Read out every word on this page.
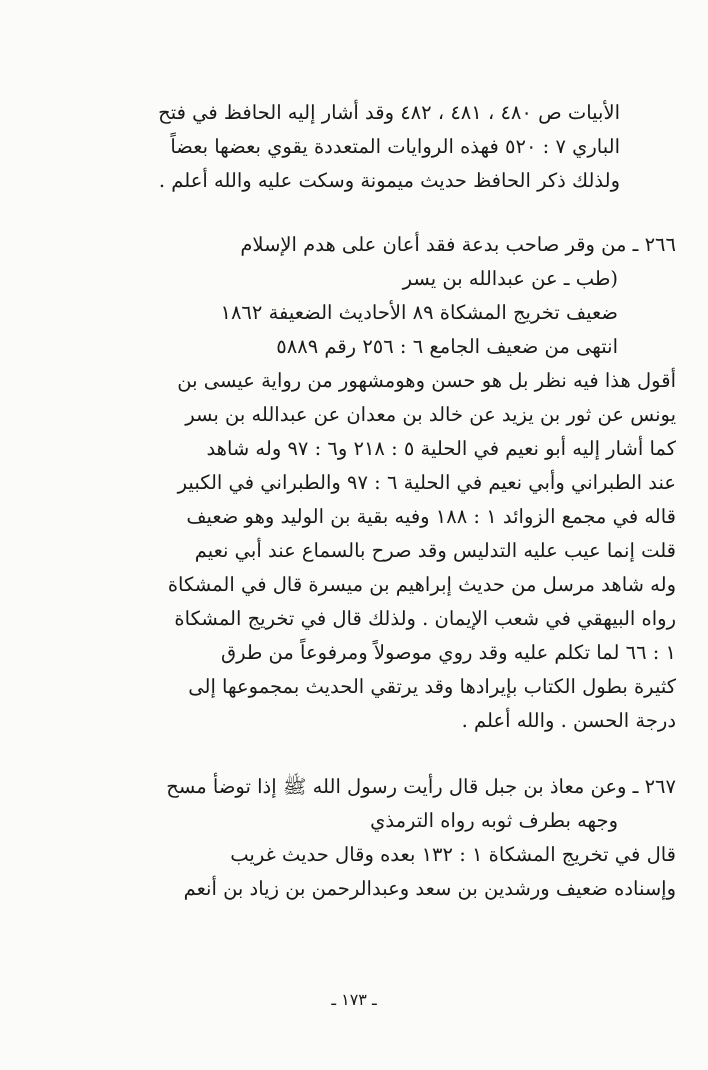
الأبيات ص ٤٨٠ ، ٤٨١ ، ٤٨٢ وقد أشار إليه الحافظ في فتح
الباري ٧ : ٥٢٠ فهذه الروايات المتعددة يقوي بعضها بعضاً
ولذلك ذكر الحافظ حديث ميمونة وسكت عليه والله أعلم .
٢٦٦ ـ من وقر صاحب بدعة فقد أعان على هدم الإسلام
(طب ـ عن عبدالله بن يسر
ضعيف تخريج المشكاة ٨٩ الأحاديث الضعيفة ١٨٦٢
انتهى من ضعيف الجامع ٦ : ٢٥٦ رقم ٥٨٨٩
أقول هذا فيه نظر بل هو حسن وهومشهور من رواية عيسى بن
يونس عن ثور بن يزيد عن خالد بن معدان عن عبدالله بن بسر
كما أشار إليه أبو نعيم في الحلية ٥ : ٢١٨ و٦ : ٩٧ وله شاهد
عند الطبراني وأبي نعيم في الحلية ٦ : ٩٧ والطبراني في الكبير
قاله في مجمع الزوائد ١ : ١٨٨ وفيه بقية بن الوليد وهو ضعيف
قلت إنما عيب عليه التدليس وقد صرح بالسماع عند أبي نعيم
وله شاهد مرسل من حديث إبراهيم بن ميسرة قال في المشكاة
رواه البيهقي في شعب الإيمان . ولذلك قال في تخريج المشكاة
١ : ٦٦ لما تكلم عليه وقد روي موصولاً ومرفوعاً من طرق
كثيرة بطول الكتاب بإيرادها وقد يرتقي الحديث بمجموعها إلى
درجة الحسن . والله أعلم .
٢٦٧ ـ وعن معاذ بن جبل قال رأيت رسول الله ﷺ إذا توضأ مسح
وجهه بطرف ثوبه رواه الترمذي
قال في تخريج المشكاة ١ : ١٣٢ بعده وقال حديث غريب
وإسناده ضعيف ورشدين بن سعد وعبدالرحمن بن زياد بن أنعم
ـ ١٧٣ ـ
